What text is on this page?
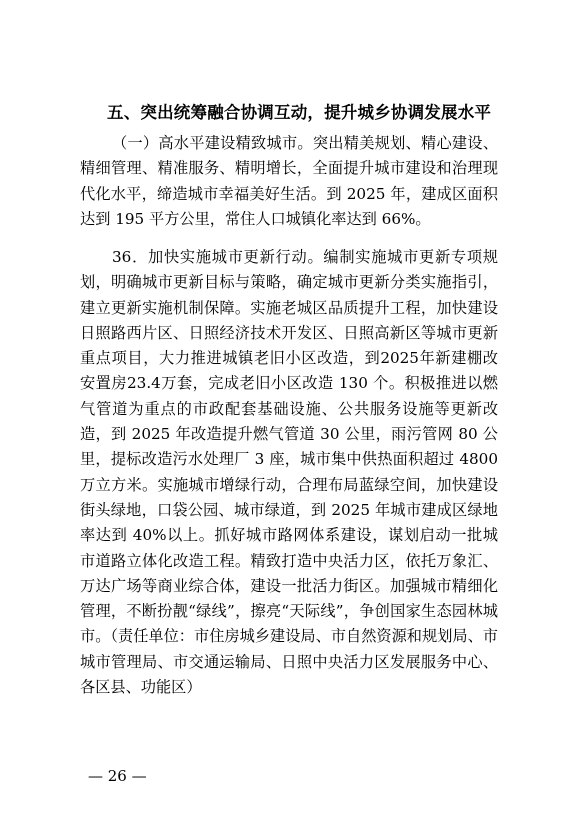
五、突出统筹融合协调互动，提升城乡协调发展水平

（一）高水平建设精致城市。突出精美规划、精心建设、精细管理、精准服务、精明增长，全面提升城市建设和治理现代化水平，缔造城市幸福美好生活。到 2025 年，建成区面积达到 195 平方公里，常住人口城镇化率达到 66%。

36．加快实施城市更新行动。编制实施城市更新专项规划，明确城市更新目标与策略，确定城市更新分类实施指引，建立更新实施机制保障。实施老城区品质提升工程，加快建设日照路西片区、日照经济技术开发区、日照高新区等城市更新重点项目，大力推进城镇老旧小区改造，到2025年新建棚改安置房23.4万套，完成老旧小区改造 130 个。积极推进以燃气管道为重点的市政配套基础设施、公共服务设施等更新改造，到 2025 年改造提升燃气管道 30 公里，雨污管网 80 公里，提标改造污水处理厂 3 座，城市集中供热面积超过 4800 万立方米。实施城市增绿行动，合理布局蓝绿空间，加快建设街头绿地，口袋公园、城市绿道，到 2025 年城市建成区绿地率达到 40%以上。抓好城市路网体系建设，谋划启动一批城市道路立体化改造工程。精致打造中央活力区，依托万象汇、万达广场等商业综合体，建设一批活力街区。加强城市精细化管理，不断扮靓“绿线”，擦亮“天际线”，争创国家生态园林城市。（责任单位：市住房城乡建设局、市自然资源和规划局、市城市管理局、市交通运输局、日照中央活力区发展服务中心、各区县、功能区）

— 26 —
